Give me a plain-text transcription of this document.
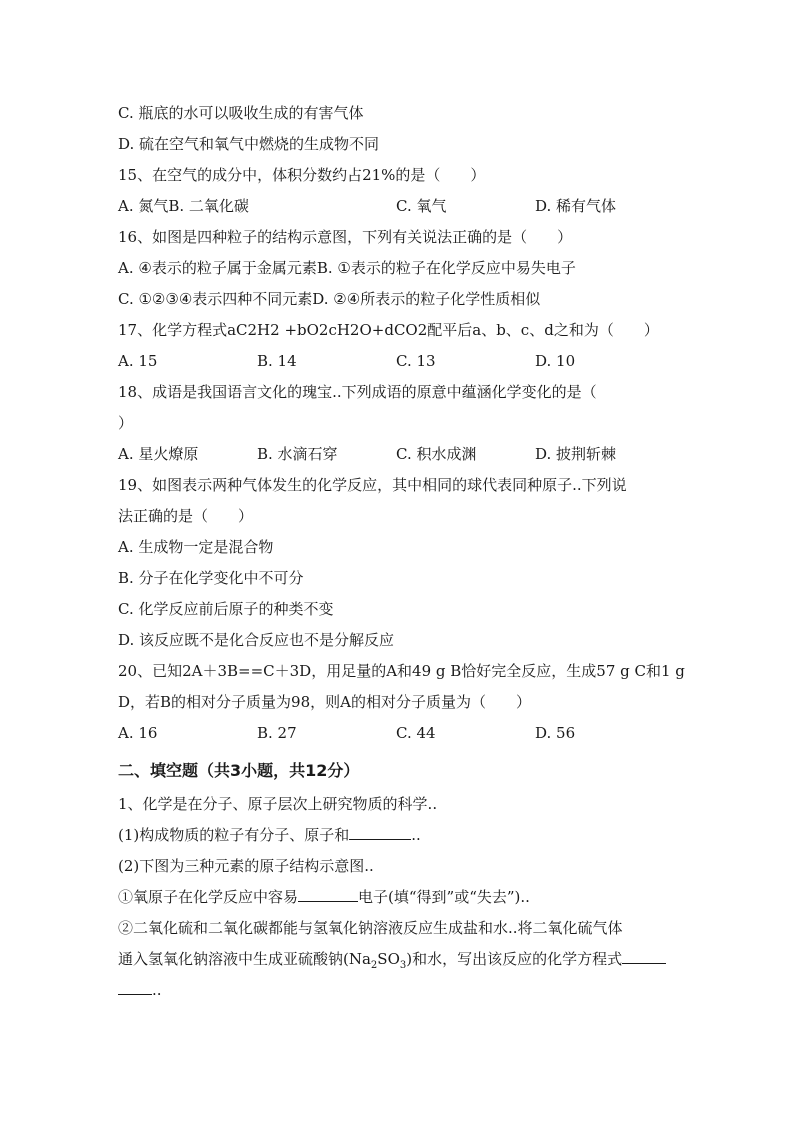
C. 瓶底的水可以吸收生成的有害气体
D. 硫在空气和氧气中燃烧的生成物不同
15、在空气的成分中，体积分数约占21%的是（　　）
A. 氮气B. 二氧化碳	C. 氧气	D. 稀有气体
16、如图是四种粒子的结构示意图，下列有关说法正确的是（　　）
A. ④表示的粒子属于金属元素B. ①表示的粒子在化学反应中易失电子
C. ①②③④表示四种不同元素D. ②④所表示的粒子化学性质相似
17、化学方程式aC2H2 +bO2cH2O+dCO2配平后a、b、c、d之和为（　　）
A. 15	B. 14	C. 13	D. 10
18、成语是我国语言文化的瑰宝..下列成语的原意中蕴涵化学变化的是（
）
A. 星火燎原	B. 水滴石穿	C. 积水成渊	D. 披荆斩棘
19、如图表示两种气体发生的化学反应，其中相同的球代表同种原子..下列说
法正确的是（　　）
A. 生成物一定是混合物
B. 分子在化学变化中不可分
C. 化学反应前后原子的种类不变
D. 该反应既不是化合反应也不是分解反应
20、已知2A＋3B==C＋3D，用足量的A和49 g B恰好完全反应，生成57 g C和1 g
D，若B的相对分子质量为98，则A的相对分子质量为（　　）
A. 16	B. 27	C. 44	D. 56
二、填空题（共3小题，共12分）
1、化学是在分子、原子层次上研究物质的科学..
(1)构成物质的粒子有分子、原子和	..
(2)下图为三种元素的原子结构示意图..
①氧原子在化学反应中容易	电子(填“得到”或“失去”)..
②二氧化硫和二氧化碳都能与氢氧化钠溶液反应生成盐和水..将二氧化硫气体
通入氢氧化钠溶液中生成亚硫酸钠$(Na_2SO_3)$和水，写出该反应的化学方程式
..
